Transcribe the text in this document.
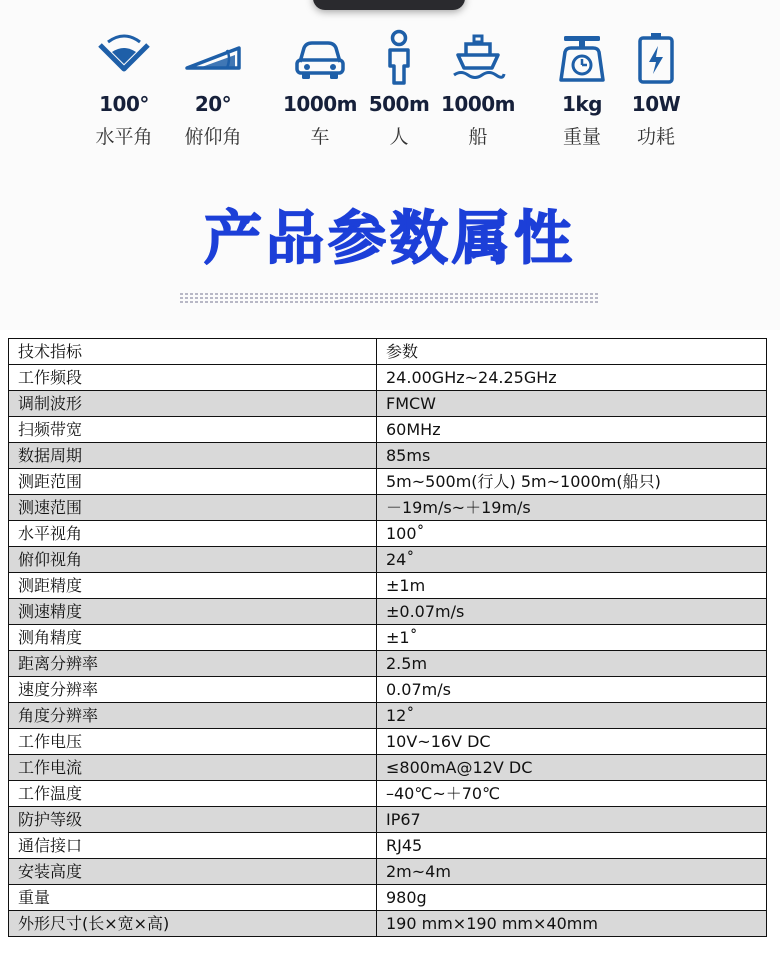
100°
水平角
20°
俯仰角
1000m
车
500m
人
1000m
船
1kg
重量
10W
功耗
产品参数属性
技术指标	参数
工作频段	24.00GHz~24.25GHz
调制波形	FMCW
扫频带宽	60MHz
数据周期	85ms
测距范围	5m~500m(行人) 5m~1000m(船只)
测速范围	－19m/s~＋19m/s
水平视角	100˚
俯仰视角	24˚
测距精度	±1m
测速精度	±0.07m/s
测角精度	±1˚
距离分辨率	2.5m
速度分辨率	0.07m/s
角度分辨率	12˚
工作电压	10V~16V DC
工作电流	≤800mA@12V DC
工作温度	–40℃~＋70℃
防护等级	IP67
通信接口	RJ45
安装高度	2m~4m
重量	980g
外形尺寸(长×宽×高)	190 mm×190 mm×40mm
